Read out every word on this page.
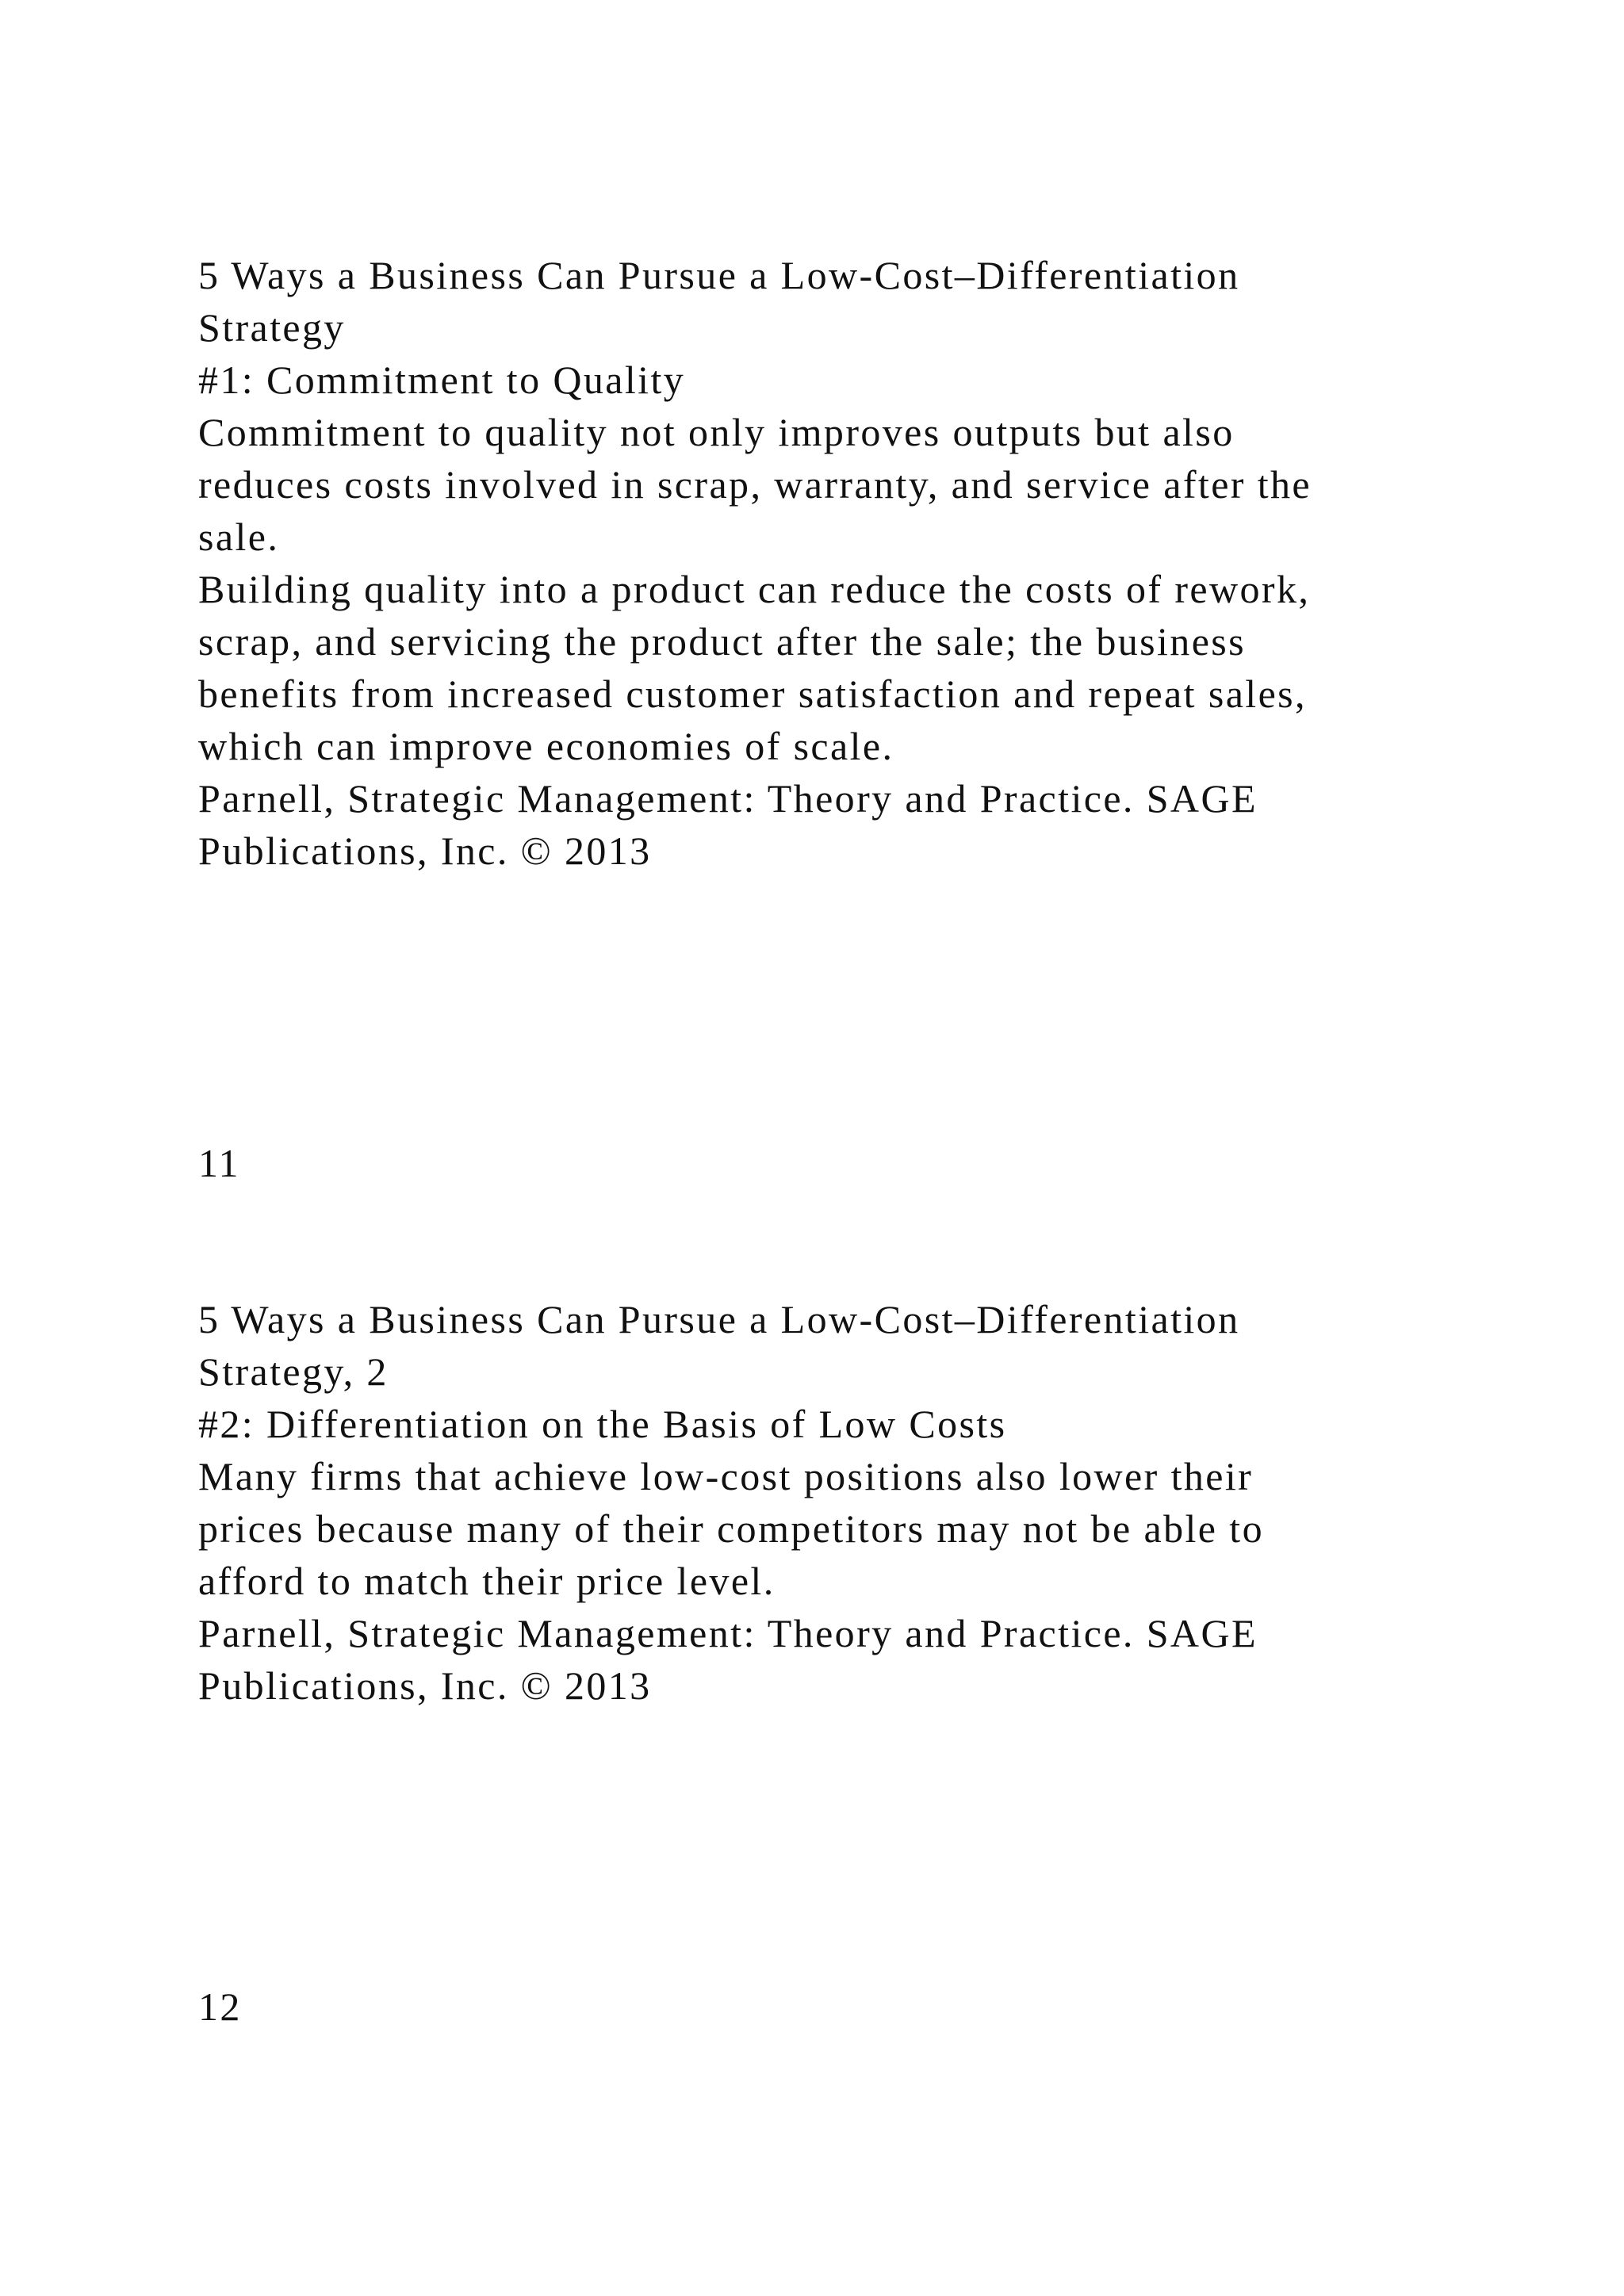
5 Ways a Business Can Pursue a Low-Cost–Differentiation
Strategy
#1: Commitment to Quality
Commitment to quality not only improves outputs but also
reduces costs involved in scrap, warranty, and service after the
sale.
Building quality into a product can reduce the costs of rework,
scrap, and servicing the product after the sale; the business
benefits from increased customer satisfaction and repeat sales,
which can improve economies of scale.
Parnell, Strategic Management: Theory and Practice. SAGE
Publications, Inc. © 2013
11
5 Ways a Business Can Pursue a Low-Cost–Differentiation
Strategy, 2
#2: Differentiation on the Basis of Low Costs
Many firms that achieve low-cost positions also lower their
prices because many of their competitors may not be able to
afford to match their price level.
Parnell, Strategic Management: Theory and Practice. SAGE
Publications, Inc. © 2013
12
